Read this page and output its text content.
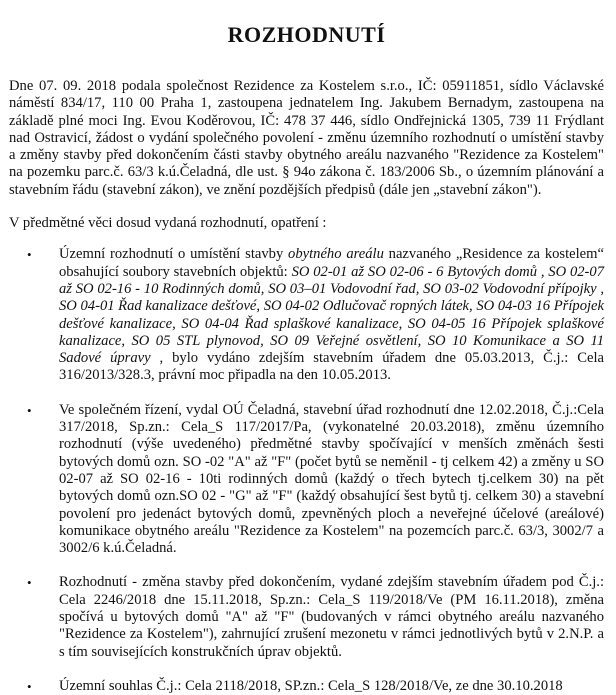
ROZHODNUTÍ

Dne 07. 09. 2018 podala společnost Rezidence za Kostelem s.r.o., IČ: 05911851, sídlo Václavské náměstí 834/17, 110 00 Praha 1, zastoupena jednatelem Ing. Jakubem Bernadym, zastoupena na základě plné moci Ing. Evou Koděrovou, IČ: 478 37 446, sídlo Ondřejnická 1305, 739 11 Frýdlant nad Ostravicí, žádost o vydání společného povolení - změnu územního rozhodnutí o umístění stavby a změny stavby před dokončením části stavby obytného areálu nazvaného "Rezidence za Kostelem" na pozemku parc.č. 63/3 k.ú.Čeladná, dle ust. § 94o zákona č. 183/2006 Sb., o územním plánování a stavebním řádu (stavební zákon), ve znění pozdějších předpisů (dále jen „stavební zákon").

V předmětné věci dosud vydaná rozhodnutí, opatření :

• Územní rozhodnutí o umístění stavby obytného areálu nazvaného „Residence za kostelem“ obsahující soubory stavebních objektů: SO 02-01 až SO 02-06 - 6 Bytových domů , SO 02-07 až SO 02-16 - 10 Rodinných domů, SO 03–01 Vodovodní řad, SO 03-02 Vodovodní přípojky , SO 04-01 Řad kanalizace dešťové, SO 04-02 Odlučovač ropných látek, SO 04-03 16 Přípojek dešťové kanalizace, SO 04-04 Řad splaškové kanalizace, SO 04-05 16 Přípojek splaškové kanalizace, SO 05 STL plynovod, SO 09 Veřejné osvětlení, SO 10 Komunikace a SO 11 Sadové úpravy , bylo vydáno zdejším stavebním úřadem dne 05.03.2013, Č.j.: Cela 316/2013/328.3, právní moc připadla na den 10.05.2013.
• Ve společném řízení, vydal OÚ Čeladná, stavební úřad rozhodnutí dne 12.02.2018, Č.j.:Cela 317/2018, Sp.zn.: Cela_S 117/2017/Pa, (vykonatelné 20.03.2018), změnu územního rozhodnutí (výše uvedeného) předmětné stavby spočívající v menších změnách šesti bytových domů ozn. SO -02 "A" až "F" (počet bytů se neměnil - tj celkem 42) a změny u SO 02-07 až SO 02-16 - 10ti rodinných domů (každý o třech bytech tj.celkem 30) na pět bytových domů ozn.SO 02 - "G" až "F" (každý obsahující šest bytů tj. celkem 30) a stavební povolení pro jedenáct bytových domů, zpevněných ploch a neveřejné účelové (areálové) komunikace obytného areálu "Rezidence za Kostelem" na pozemcích parc.č. 63/3, 3002/7 a 3002/6 k.ú.Čeladná.
• Rozhodnutí - změna stavby před dokončením, vydané zdejším stavebním úřadem pod Č.j.: Cela 2246/2018 dne 15.11.2018, Sp.zn.: Cela_S 119/2018/Ve (PM 16.11.2018), změna spočívá u bytových domů "A" až "F" (budovaných v rámci obytného areálu nazvaného "Rezidence za Kostelem"), zahrnující zrušení mezonetu v rámci jednotlivých bytů v 2.N.P. a s tím souvisejících konstrukčních úprav objektů.
• Územní souhlas Č.j.: Cela 2118/2018, SP.zn.: Cela_S 128/2018/Ve, ze dne 30.10.2018
